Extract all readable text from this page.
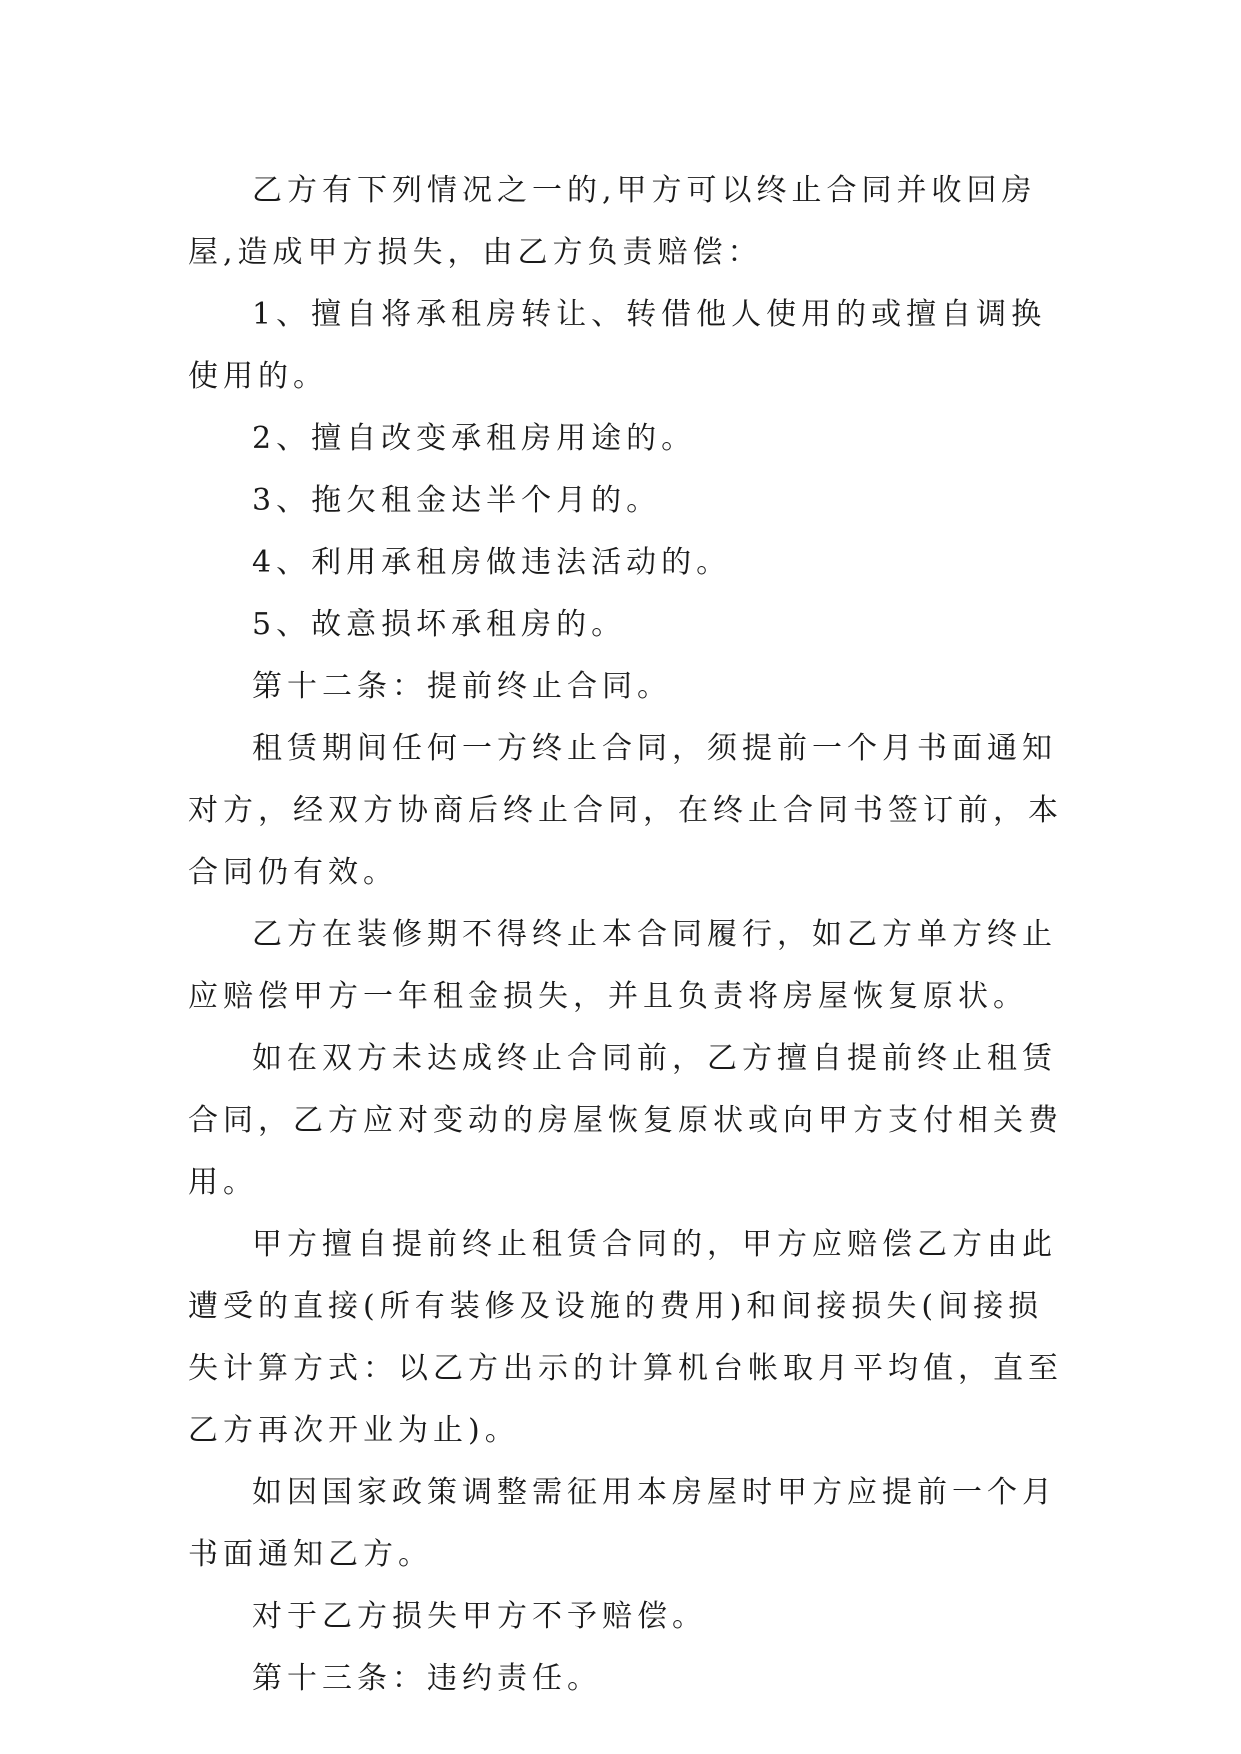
乙方有下列情况之一的,甲方可以终止合同并收回房屋,造成甲方损失，由乙方负责赔偿：

1、擅自将承租房转让、转借他人使用的或擅自调换使用的。

2、擅自改变承租房用途的。

3、拖欠租金达半个月的。

4、利用承租房做违法活动的。

5、故意损坏承租房的。

第十二条：提前终止合同。

租赁期间任何一方终止合同，须提前一个月书面通知对方，经双方协商后终止合同，在终止合同书签订前，本合同仍有效。

乙方在装修期不得终止本合同履行，如乙方单方终止应赔偿甲方一年租金损失，并且负责将房屋恢复原状。

如在双方未达成终止合同前，乙方擅自提前终止租赁合同，乙方应对变动的房屋恢复原状或向甲方支付相关费用。

甲方擅自提前终止租赁合同的，甲方应赔偿乙方由此遭受的直接(所有装修及设施的费用)和间接损失(间接损失计算方式：以乙方出示的计算机台帐取月平均值，直至乙方再次开业为止)。

如因国家政策调整需征用本房屋时甲方应提前一个月书面通知乙方。

对于乙方损失甲方不予赔偿。

第十三条：违约责任。
